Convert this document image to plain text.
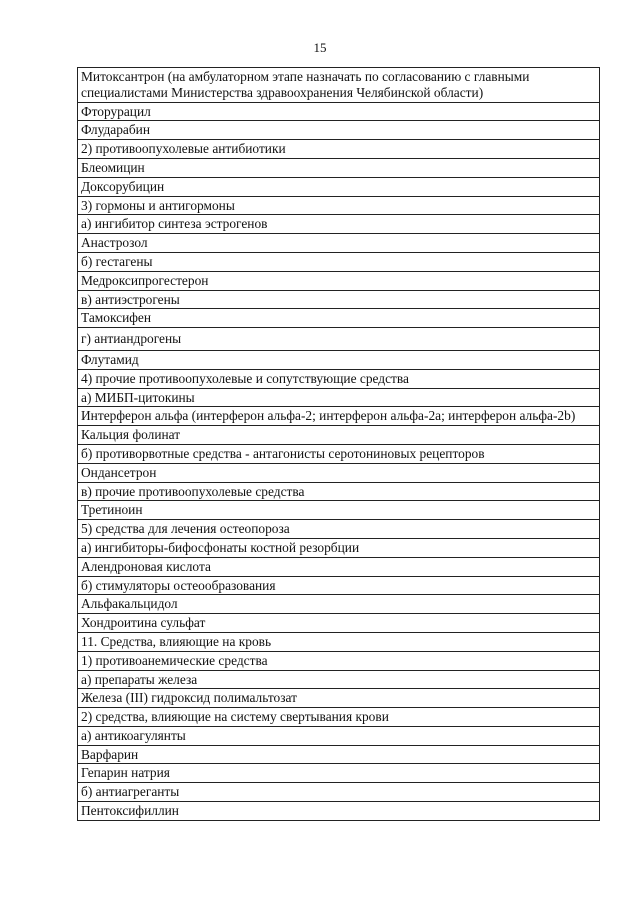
15
Митоксантрон (на амбулаторном этапе назначать по согласованию с главными специалистами Министерства здравоохранения Челябинской области)
Фторурацил
Флударабин
2) противоопухолевые антибиотики
Блеомицин
Доксорубицин
3) гормоны и антигормоны
а) ингибитор синтеза эстрогенов
Анастрозол
б) гестагены
Медроксипрогестерон
в) антиэстрогены
Тамоксифен
г) антиандрогены
Флутамид
4) прочие противоопухолевые и сопутствующие средства
а) МИБП-цитокины
Интерферон альфа (интерферон альфа-2; интерферон альфа-2а; интерферон альфа-2b)
Кальция фолинат
б) противорвотные средства - антагонисты серотониновых рецепторов
Ондансетрон
в) прочие противоопухолевые средства
Третиноин
5) средства для лечения остеопороза
а) ингибиторы-бифосфонаты костной резорбции
Алендроновая кислота
б) стимуляторы остеообразования
Альфакальцидол
Хондроитина сульфат
11. Средства, влияющие на кровь
1) противоанемические средства
а) препараты железа
Железа (III) гидроксид полимальтозат
2) средства, влияющие на систему свертывания крови
а) антикоагулянты
Варфарин
Гепарин натрия
б) антиагреганты
Пентоксифиллин
